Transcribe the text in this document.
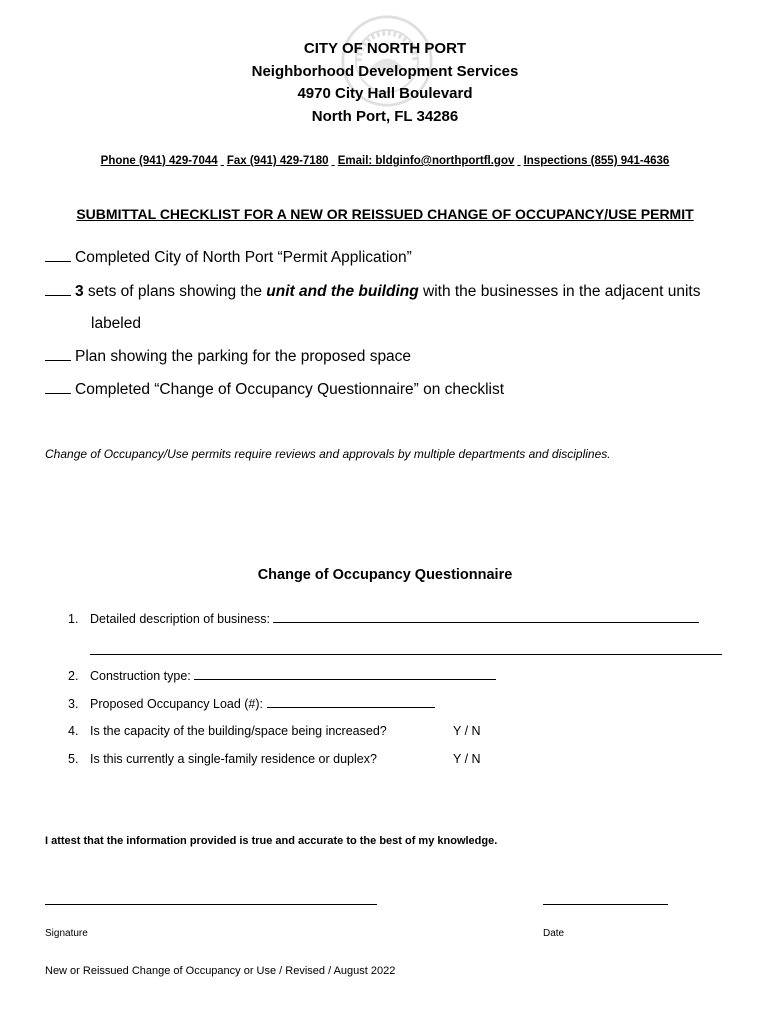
CITY OF NORTH PORT
Neighborhood Development Services
4970 City Hall Boulevard
North Port, FL 34286
Phone (941) 429-7044 Fax (941) 429-7180 Email: bldginfo@northportfl.gov Inspections (855) 941-4636
SUBMITTAL CHECKLIST FOR A NEW OR REISSUED CHANGE OF OCCUPANCY/USE PERMIT
Completed City of North Port “Permit Application”
3 sets of plans showing the unit and the building with the businesses in the adjacent units
labeled
Plan showing the parking for the proposed space
Completed “Change of Occupancy Questionnaire” on checklist
Change of Occupancy/Use permits require reviews and approvals by multiple departments and disciplines.
Change of Occupancy Questionnaire
1. Detailed description of business:
2. Construction type:
3. Proposed Occupancy Load (#):
4. Is the capacity of the building/space being increased?	Y / N
5. Is this currently a single-family residence or duplex?	Y / N
I attest that the information provided is true and accurate to the best of my knowledge.
Signature	Date
New or Reissued Change of Occupancy or Use / Revised / August 2022
